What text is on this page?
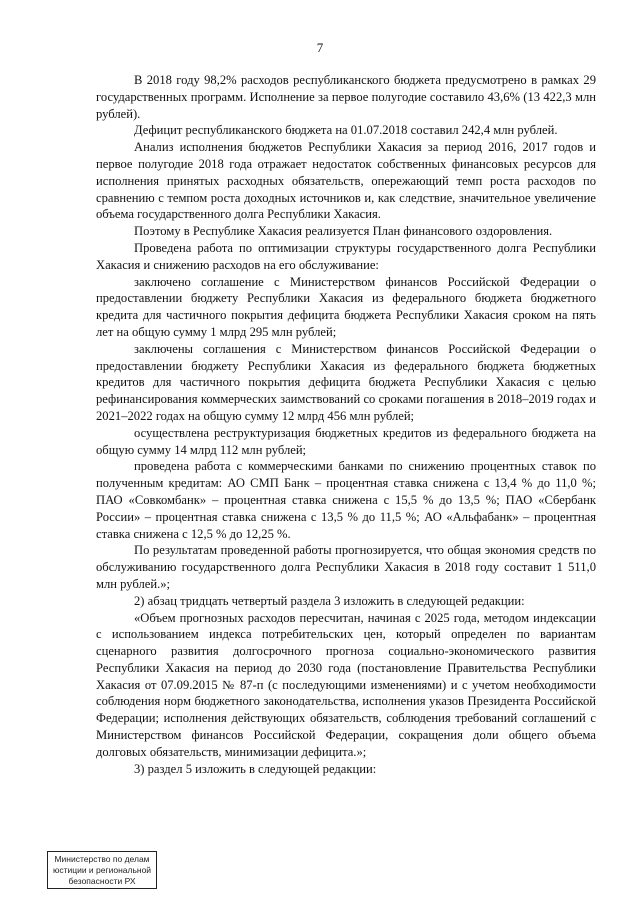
7

В 2018 году 98,2% расходов республиканского бюджета предусмотрено в рамках 29 государственных программ. Исполнение за первое полугодие составило 43,6% (13 422,3 млн рублей).

Дефицит республиканского бюджета на 01.07.2018 составил 242,4 млн рублей.

Анализ исполнения бюджетов Республики Хакасия за период 2016, 2017 годов и первое полугодие 2018 года отражает недостаток собственных финансовых ресурсов для исполнения принятых расходных обязательств, опережающий темп роста расходов по сравнению с темпом роста доходных источников и, как следствие, значительное увеличение объема государственного долга Республики Хакасия.

Поэтому в Республике Хакасия реализуется План финансового оздоровления.

Проведена работа по оптимизации структуры государственного долга Республики Хакасия и снижению расходов на его обслуживание:

заключено соглашение с Министерством финансов Российской Федерации о предоставлении бюджету Республики Хакасия из федерального бюджета бюджетного кредита для частичного покрытия дефицита бюджета Республики Хакасия сроком на пять лет на общую сумму 1 млрд 295 млн рублей;

заключены соглашения с Министерством финансов Российской Федерации о предоставлении бюджету Республики Хакасия из федерального бюджета бюджетных кредитов для частичного покрытия дефицита бюджета Республики Хакасия с целью рефинансирования коммерческих заимствований со сроками погашения в 2018–2019 годах и 2021–2022 годах на общую сумму 12 млрд 456 млн рублей;

осуществлена реструктуризация бюджетных кредитов из федерального бюджета на общую сумму 14 млрд 112 млн рублей;

проведена работа с коммерческими банками по снижению процентных ставок по полученным кредитам: АО СМП Банк – процентная ставка снижена с 13,4 % до 11,0 %; ПАО «Совкомбанк» – процентная ставка снижена с 15,5 % до 13,5 %; ПАО «Сбербанк России» – процентная ставка снижена с 13,5 % до 11,5 %; АО «Альфабанк» – процентная ставка снижена с 12,5 % до 12,25 %.

По результатам проведенной работы прогнозируется, что общая экономия средств по обслуживанию государственного долга Республики Хакасия в 2018 году составит 1 511,0 млн рублей.»;

2) абзац тридцать четвертый раздела 3 изложить в следующей редакции:

«Объем прогнозных расходов пересчитан, начиная с 2025 года, методом индексации с использованием индекса потребительских цен, который определен по вариантам сценарного развития долгосрочного прогноза социально-экономического развития Республики Хакасия на период до 2030 года (постановление Правительства Республики Хакасия от 07.09.2015 № 87-п (с последующими изменениями) и с учетом необходимости соблюдения норм бюджетного законодательства, исполнения указов Президента Российской Федерации; исполнения действующих обязательств, соблюдения требований соглашений с Министерством финансов Российской Федерации, сокращения доли общего объема долговых обязательств, минимизации дефицита.»;

3) раздел 5 изложить в следующей редакции:

Министерство по делам
юстиции и региональной
безопасности РХ
